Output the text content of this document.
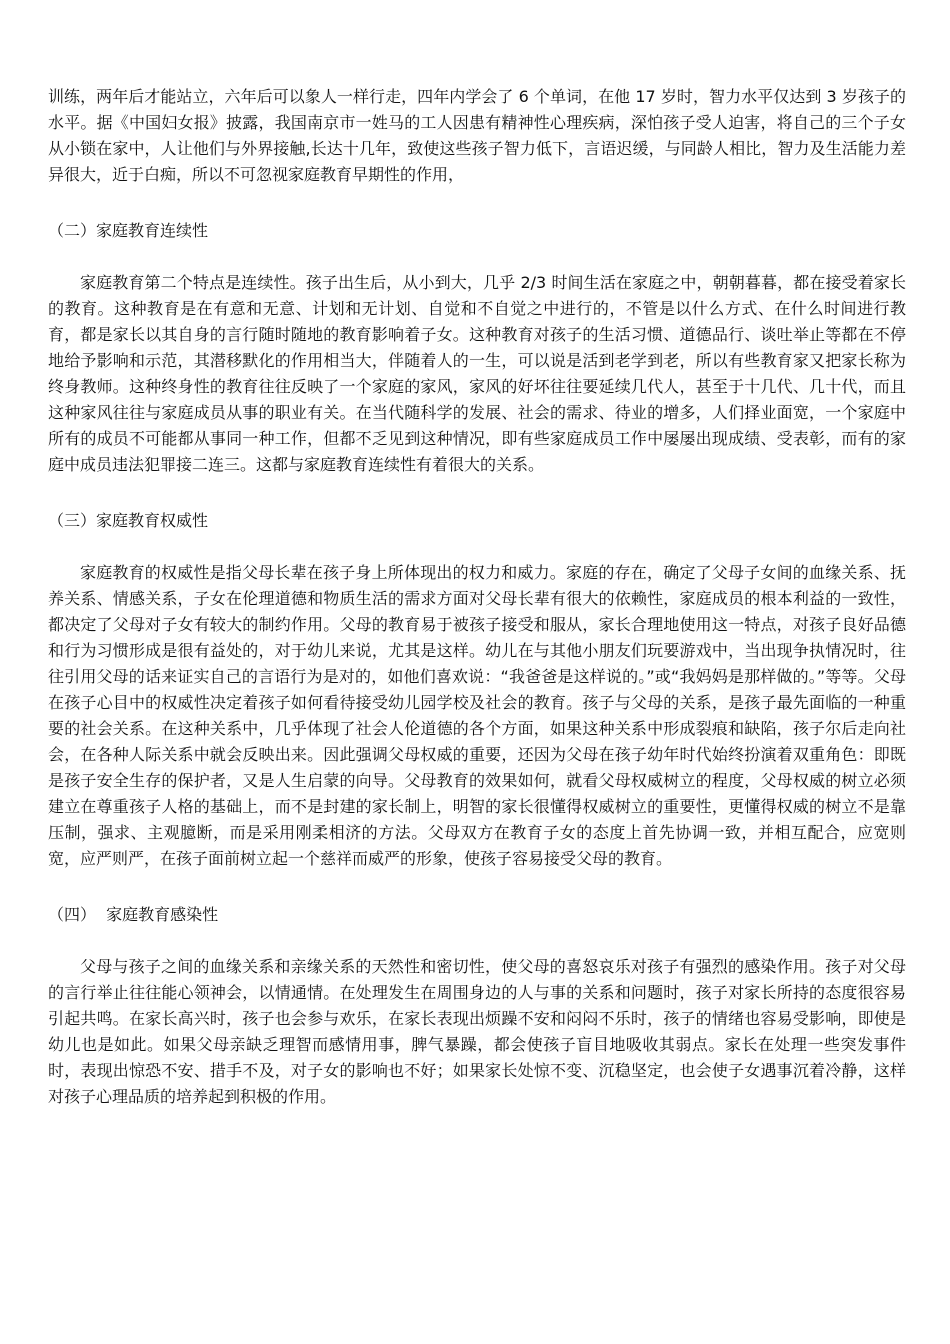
训练，两年后才能站立，六年后可以象人一样行走，四年内学会了 6 个单词，在他 17 岁时，智力水平仅达到 3 岁孩子的水平。据《中国妇女报》披露，我国南京市一姓马的工人因患有精神性心理疾病，深怕孩子受人迫害，将自己的三个子女从小锁在家中，人让他们与外界接触,长达十几年，致使这些孩子智力低下，言语迟缓，与同龄人相比，智力及生活能力差异很大，近于白痴，所以不可忽视家庭教育早期性的作用，

（二）家庭教育连续性

家庭教育第二个特点是连续性。孩子出生后，从小到大，几乎 2/3 时间生活在家庭之中，朝朝暮暮，都在接受着家长的教育。这种教育是在有意和无意、计划和无计划、自觉和不自觉之中进行的，不管是以什么方式、在什么时间进行教育，都是家长以其自身的言行随时随地的教育影响着子女。这种教育对孩子的生活习惯、道德品行、谈吐举止等都在不停地给予影响和示范，其潜移默化的作用相当大，伴随着人的一生，可以说是活到老学到老，所以有些教育家又把家长称为终身教师。这种终身性的教育往往反映了一个家庭的家风，家风的好坏往往要延续几代人，甚至于十几代、几十代，而且这种家风往往与家庭成员从事的职业有关。在当代随科学的发展、社会的需求、待业的增多，人们择业面宽，一个家庭中所有的成员不可能都从事同一种工作，但都不乏见到这种情况，即有些家庭成员工作中屡屡出现成绩、受表彰，而有的家庭中成员违法犯罪接二连三。这都与家庭教育连续性有着很大的关系。

（三）家庭教育权威性

家庭教育的权威性是指父母长辈在孩子身上所体现出的权力和威力。家庭的存在，确定了父母子女间的血缘关系、抚养关系、情感关系，子女在伦理道德和物质生活的需求方面对父母长辈有很大的依赖性，家庭成员的根本利益的一致性，都决定了父母对子女有较大的制约作用。父母的教育易于被孩子接受和服从，家长合理地使用这一特点，对孩子良好品德和行为习惯形成是很有益处的，对于幼儿来说，尤其是这样。幼儿在与其他小朋友们玩要游戏中，当出现争执情况时，往往引用父母的话来证实自己的言语行为是对的，如他们喜欢说：“我爸爸是这样说的。”或“我妈妈是那样做的。”等等。父母在孩子心目中的权威性决定着孩子如何看待接受幼儿园学校及社会的教育。孩子与父母的关系，是孩子最先面临的一种重要的社会关系。在这种关系中，几乎体现了社会人伦道德的各个方面，如果这种关系中形成裂痕和缺陷，孩子尔后走向社会，在各种人际关系中就会反映出来。因此强调父母权威的重要，还因为父母在孩子幼年时代始终扮演着双重角色：即既是孩子安全生存的保护者，又是人生启蒙的向导。父母教育的效果如何，就看父母权威树立的程度，父母权威的树立必须 建立在尊重孩子人格的基础上，而不是封建的家长制上，明智的家长很懂得权威树立的重要性，更懂得权威的树立不是靠压制，强求、主观臆断，而是采用刚柔相济的方法。父母双方在教育子女的态度上首先协调一致，并相互配合，应宽则宽，应严则严，在孩子面前树立起一个慈祥而威严的形象，使孩子容易接受父母的教育。

（四）  家庭教育感染性

父母与孩子之间的血缘关系和亲缘关系的天然性和密切性，使父母的喜怒哀乐对孩子有强烈的感染作用。孩子对父母的言行举止往往能心领神会，以情通情。在处理发生在周围身边的人与事的关系和问题时，孩子对家长所持的态度很容易引起共鸣。在家长高兴时，孩子也会参与欢乐，在家长表现出烦躁不安和闷闷不乐时，孩子的情绪也容易受影响，即使是幼儿也是如此。如果父母亲缺乏理智而感情用事，脾气暴躁，都会使孩子盲目地吸收其弱点。家长在处理一些突发事件时，表现出惊恐不安、措手不及，对子女的影响也不好；如果家长处惊不变、沉稳坚定，也会使子女遇事沉着冷静，这样对孩子心理品质的培养起到积极的作用。
